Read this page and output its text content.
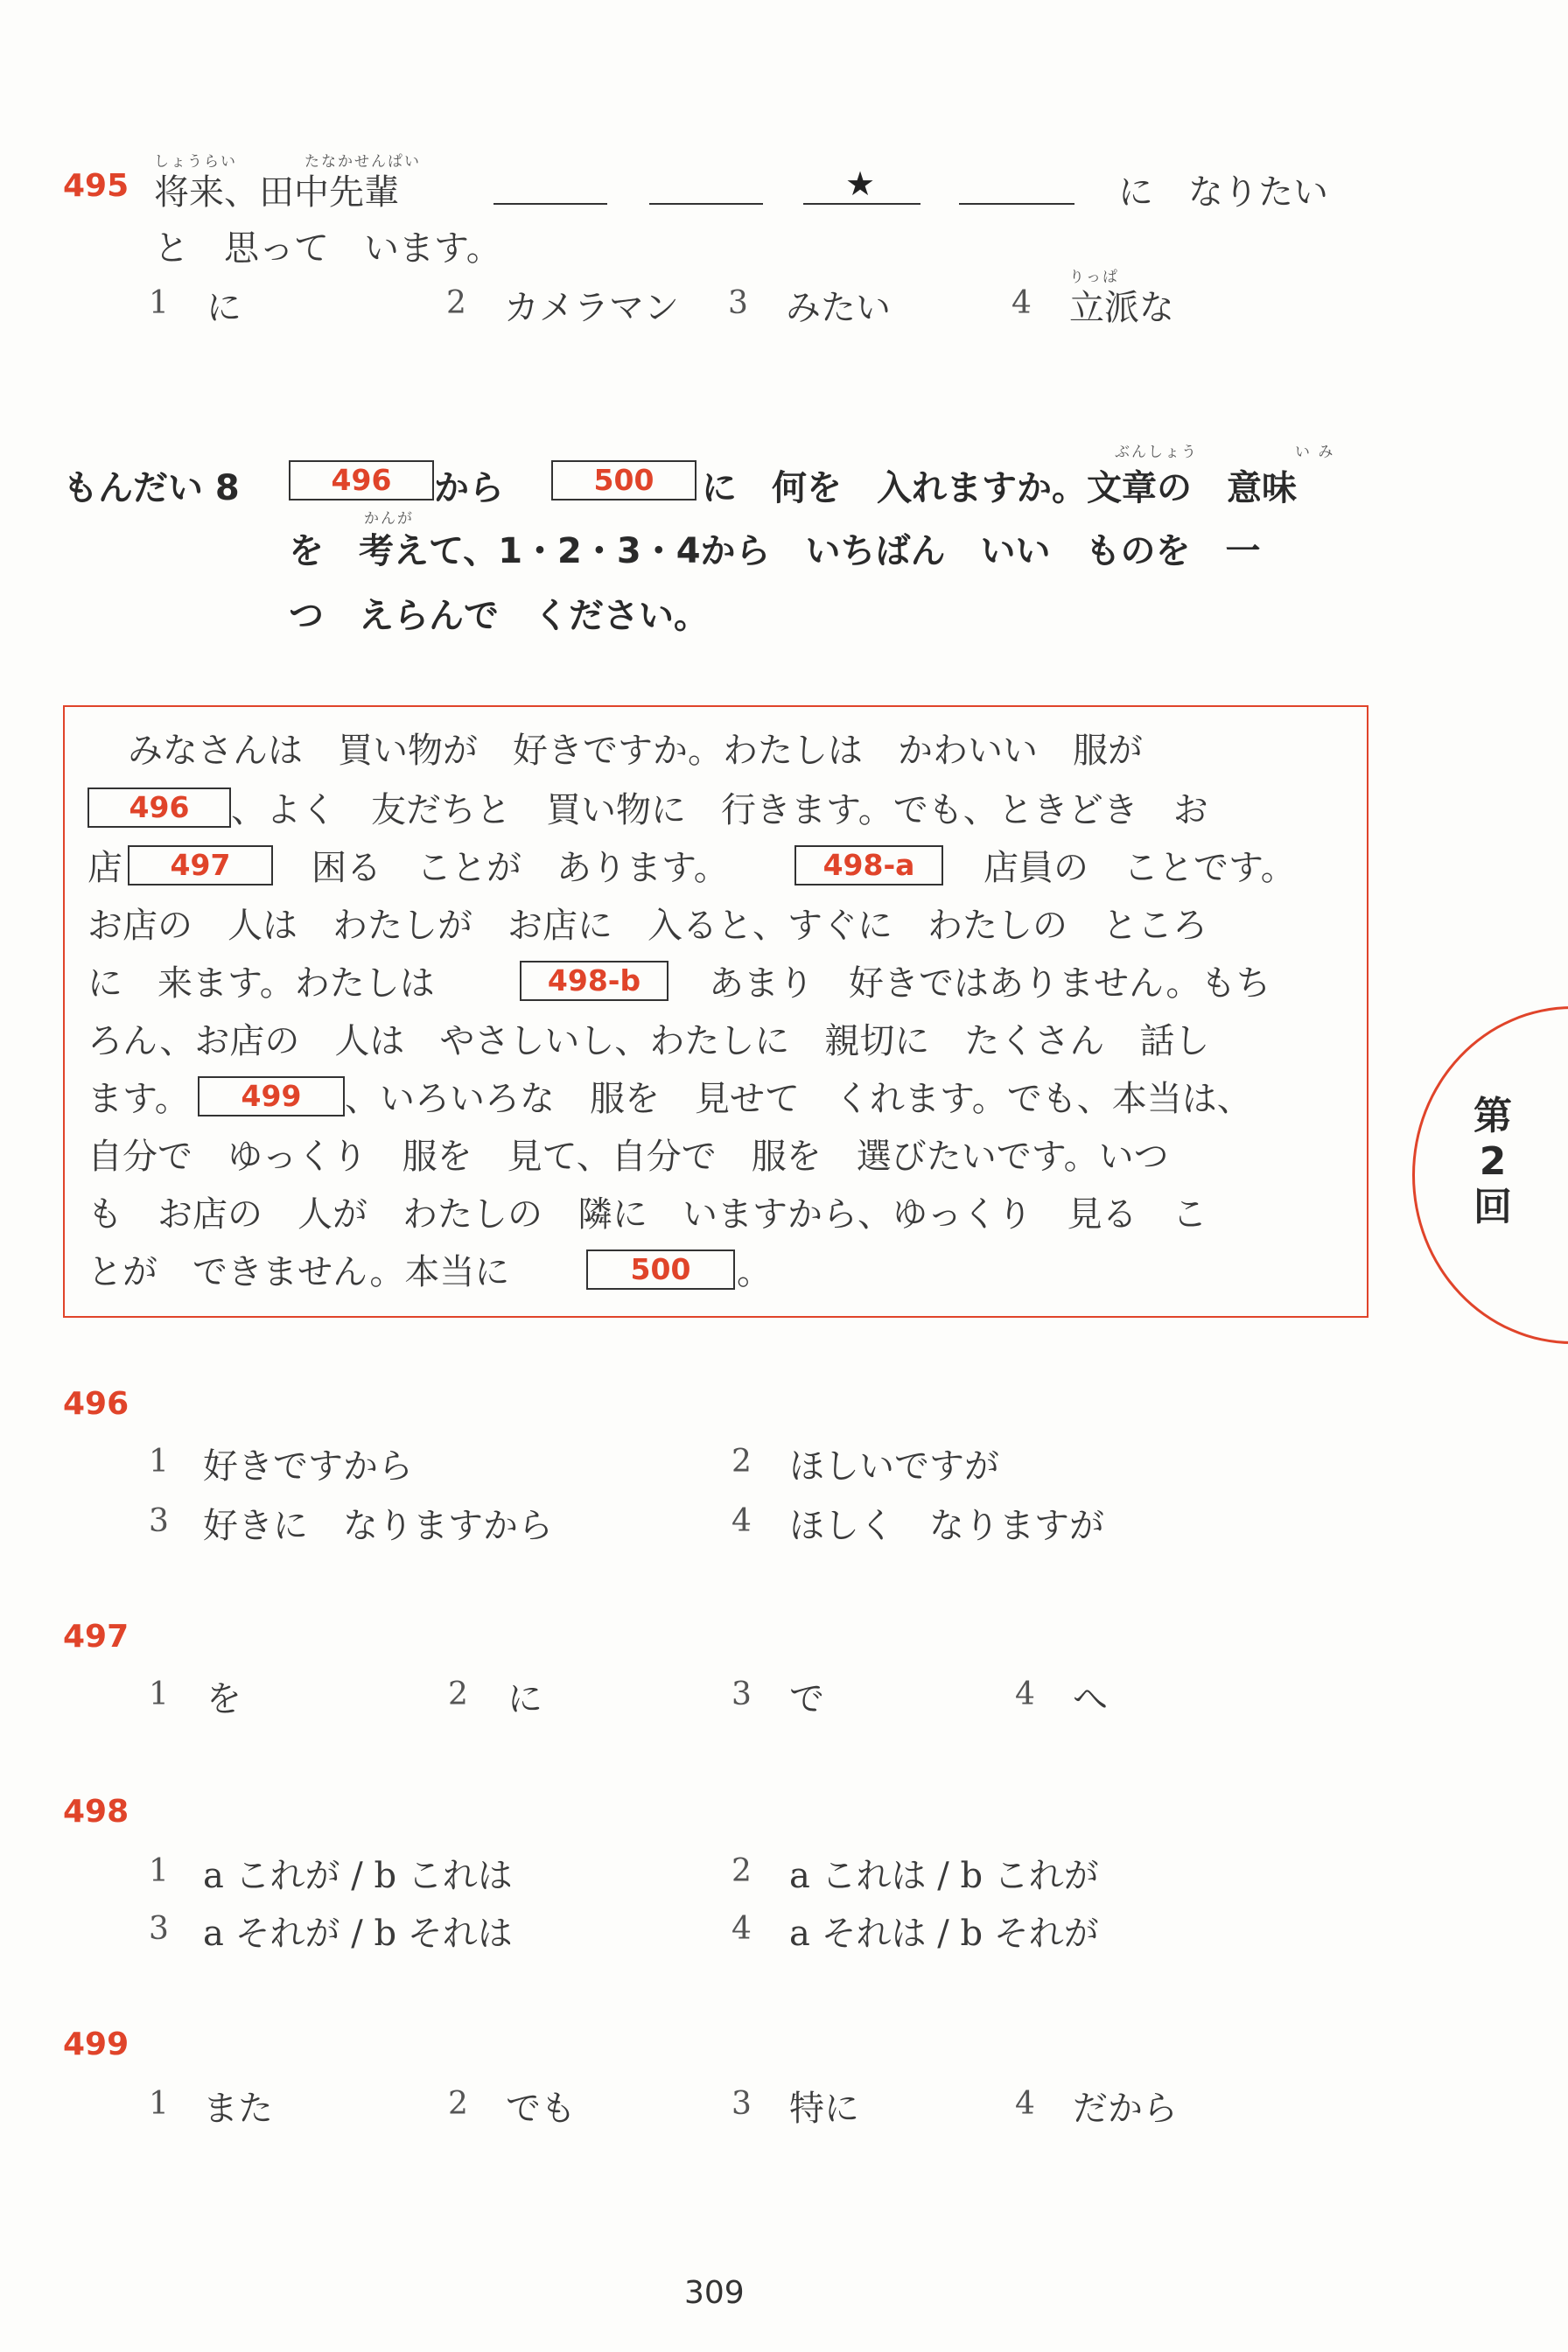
495
しょうらい	たなかせんぱい
将来、田中先輩	★	に　なりたい
と　思って　います。
1 に	2 カメラマン 3 みたい	4
りっぱ
立派な
もんだい 8	496	から	500
ぶんしょう	い み
に　何を　入れますか。文章の　意味
かんが
を　考えて、1・2・3・4から　いちばん　いい　ものを　一
つ　えらんで　ください。
みなさんは　買い物が　好きですか。わたしは　かわいい　服が
496	、よく　友だちと　買い物に　行きます。でも、ときどき　お
店	497	困る　ことが　あります。	498-a	店員の　ことです。
お店の　人は　わたしが　お店に　入ると、すぐに　わたしの　ところ
に　来ます。わたしは	498-b	あまり　好きではありません。もち
ろん、お店の　人は　やさしいし、わたしに　親切に　たくさん　話し
ます。	499	、いろいろな　服を　見せて　くれます。でも、本当は、
自分で　ゆっくり　服を　見て、自分で　服を　選びたいです。いつ
も　お店の　人が　わたしの　隣に　いますから、ゆっくり　見る　こ
とが　できません。本当に	500	。
第
2
回
496
1 好きですから	2 ほしいですが
3 好きに　なりますから	4 ほしく　なりますが
497
1 を	2 に	3 で	4 へ
498
1 a これが / b これは	2 a これは / b これが
3 a それが / b それは	4 a それは / b それが
499
1 また	2 でも	3 特に	4 だから
309
